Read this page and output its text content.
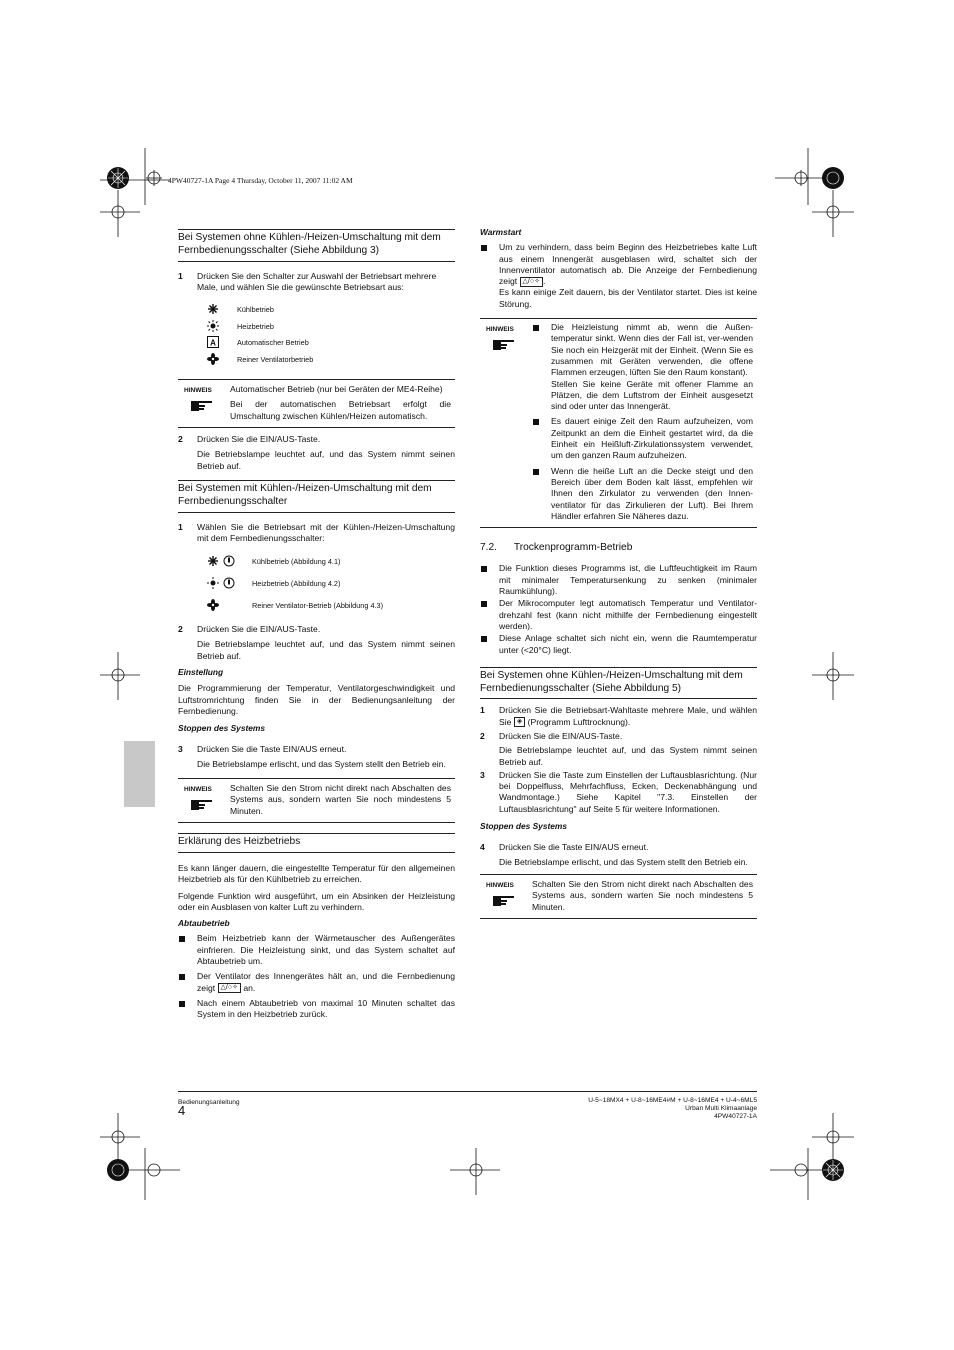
4PW40727-1A Page 4 Thursday, October 11, 2007 11:02 AM
Bei Systemen ohne Kühlen-/Heizen-Umschaltung mit dem Fernbedienungsschalter (Siehe Abbildung 3)
1 Drücken Sie den Schalter zur Auswahl der Betriebsart mehrere Male, und wählen Sie die gewünschte Betriebsart aus:
Kühlbetrieb
Heizbetrieb
A	Automatischer Betrieb
Reiner Ventilatorbetrieb
HINWEIS Automatischer Betrieb (nur bei Geräten der ME4-Reihe)

Bei der automatischen Betriebsart erfolgt die Umschaltung zwischen Kühlen/Heizen automatisch.

2 Drücken Sie die EIN/AUS-Taste.

Die Betriebslampe leuchtet auf, und das System nimmt seinen Betrieb auf.

Bei Systemen mit Kühlen-/Heizen-Umschaltung mit dem Fernbedienungsschalter
1 Wählen Sie die Betriebsart mit der Kühlen-/Heizen-Umschaltung mit dem Fernbedienungsschalter:
Kühlbetrieb (Abbildung 4.1)
Heizbetrieb (Abbildung 4.2)
Reiner Ventilator-Betrieb (Abbildung 4.3)
2 Drücken Sie die EIN/AUS-Taste.

Die Betriebslampe leuchtet auf, und das System nimmt seinen Betrieb auf.

Einstellung

Die Programmierung der Temperatur, Ventilatorgeschwindigkeit und Luftstromrichtung finden Sie in der Bedienungsanleitung der Fernbedienung.

Stoppen des Systems
3 Drücken Sie die Taste EIN/AUS erneut.

Die Betriebslampe erlischt, und das System stellt den Betrieb ein.

HINWEIS Schalten Sie den Strom nicht direkt nach Abschalten des Systems aus, sondern warten Sie noch mindestens 5 Minuten.

Erklärung des Heizbetriebs

Es kann länger dauern, die eingestellte Temperatur für den allgemeinen Heizbetrieb als für den Kühlbetrieb zu erreichen.

Folgende Funktion wird ausgeführt, um ein Absinken der Heizleistung oder ein Ausblasen von kalter Luft zu verhindern.

Abtaubetrieb

Beim Heizbetrieb kann der Wärmetauscher des Außengerätes einfrieren. Die Heizleistung sinkt, und das System schaltet auf Abtaubetrieb um.

Der Ventilator des Innengerätes hält an, und die Fernbedienung zeigt △/○✧ an.

Nach einem Abtaubetrieb von maximal 10 Minuten schaltet das System in den Heizbetrieb zurück.

Warmstart
Um zu verhindern, dass beim Beginn des Heizbetriebes kalte Luft aus einem Innengerät ausgeblasen wird, schaltet sich der Innenventilator automatisch ab. Die Anzeige der Fernbedienung zeigt △/○✧ .
Es kann einige Zeit dauern, bis der Ventilator startet. Dies ist keine Störung.
HINWEIS	Die Heizleistung nimmt ab, wenn die Außen-temperatur sinkt. Wenn dies der Fall ist, ver-wenden Sie noch ein Heizgerät mit der Einheit. (Wenn Sie es zusammen mit Geräten verwenden, die offene Flammen erzeugen, lüften Sie den Raum konstant).
Stellen Sie keine Geräte mit offener Flamme an Plätzen, die dem Luftstrom der Einheit ausgesetzt sind oder unter das Innengerät.

Es dauert einige Zeit den Raum aufzuheizen, vom Zeitpunkt an dem die Einheit gestartet wird, da die Einheit ein Heißluft-Zirkulationssystem verwendet, um den ganzen Raum aufzuheizen.

Wenn die heiße Luft an die Decke steigt und den Bereich über dem Boden kalt lässt, empfehlen wir Ihnen den Zirkulator zu verwenden (den Innen-ventilator für das Zirkulieren der Luft). Bei Ihrem Händler erfahren Sie Näheres dazu.

7.2. Trockenprogramm-Betrieb

Die Funktion dieses Programms ist, die Luftfeuchtigkeit im Raum mit minimaler Temperatursenkung zu senken (minimaler Raumkühlung).

Der Mikrocomputer legt automatisch Temperatur und Ventilator-drehzahl fest (kann nicht mithilfe der Fernbedienung eingestellt werden).

Diese Anlage schaltet sich nicht ein, wenn die Raumtemperatur unter (<20°C) liegt.

Bei Systemen ohne Kühlen-/Heizen-Umschaltung mit dem Fernbedienungsschalter (Siehe Abbildung 5)
1 Drücken Sie die Betriebsart-Wahltaste mehrere Male, und wählen Sie ◈ (Programm Lufttrocknung).
2 Drücken Sie die EIN/AUS-Taste.

Die Betriebslampe leuchtet auf, und das System nimmt seinen Betrieb auf.

3 Drücken Sie die Taste zum Einstellen der Luftausblasrichtung. (Nur bei Doppelfluss, Mehrfachfluss, Ecken, Deckenabhängung und Wandmontage.) Siehe Kapitel "7.3. Einstellen der Luftausblasrichtung" auf Seite 5 für weitere Informationen.
Stoppen des Systems
4 Drücken Sie die Taste EIN/AUS erneut.

Die Betriebslampe erlischt, und das System stellt den Betrieb ein.

HINWEIS Schalten Sie den Strom nicht direkt nach Abschalten des Systems aus, sondern warten Sie noch mindestens 5 Minuten.

Bedienungsanleitung
4
U-5~18MX4 + U-8~16ME4#M + U-8~16ME4 + U-4~6ML5
Urban Multi Klimaanlage
4PW40727-1A
